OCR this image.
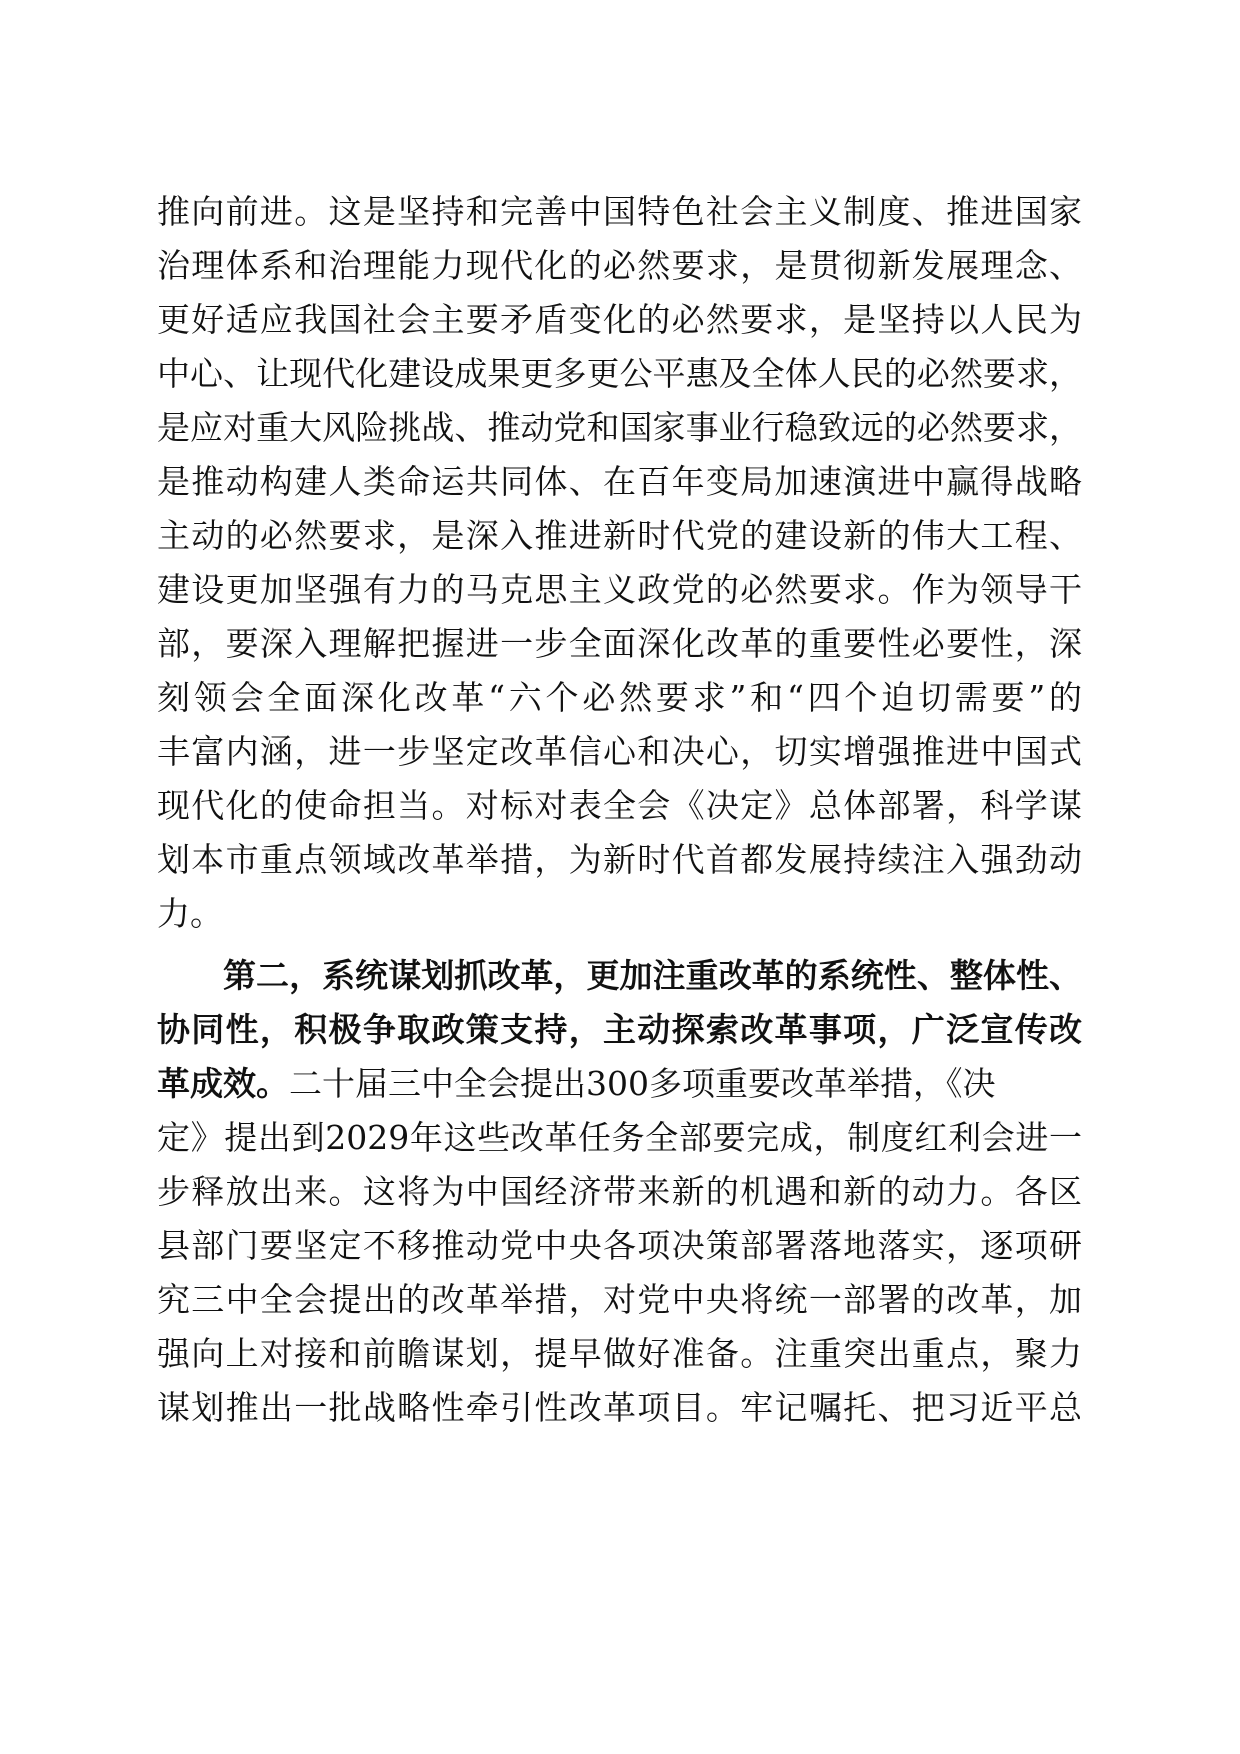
推向前进。这是坚持和完善中国特色社会主义制度、推进国家
治理体系和治理能力现代化的必然要求，是贯彻新发展理念、
更好适应我国社会主要矛盾变化的必然要求，是坚持以人民为
中心、让现代化建设成果更多更公平惠及全体人民的必然要求，
是应对重大风险挑战、推动党和国家事业行稳致远的必然要求，
是推动构建人类命运共同体、在百年变局加速演进中赢得战略
主动的必然要求，是深入推进新时代党的建设新的伟大工程、
建设更加坚强有力的马克思主义政党的必然要求。作为领导干
部，要深入理解把握进一步全面深化改革的重要性必要性，深
刻领会全面深化改革“六个必然要求”和“四个迫切需要”的
丰富内涵，进一步坚定改革信心和决心，切实增强推进中国式
现代化的使命担当。对标对表全会《决定》总体部署，科学谋
划本市重点领域改革举措，为新时代首都发展持续注入强劲动
力。
第二，系统谋划抓改革，更加注重改革的系统性、整体性、
协同性，积极争取政策支持，主动探索改革事项，广泛宣传改
革成效。二十届三中全会提出300多项重要改革举措，《决
定》提出到2029年这些改革任务全部要完成，制度红利会进一
步释放出来。这将为中国经济带来新的机遇和新的动力。各区
县部门要坚定不移推动党中央各项决策部署落地落实，逐项研
究三中全会提出的改革举措，对党中央将统一部署的改革，加
强向上对接和前瞻谋划，提早做好准备。注重突出重点，聚力
谋划推出一批战略性牵引性改革项目。牢记嘱托、把习近平总
